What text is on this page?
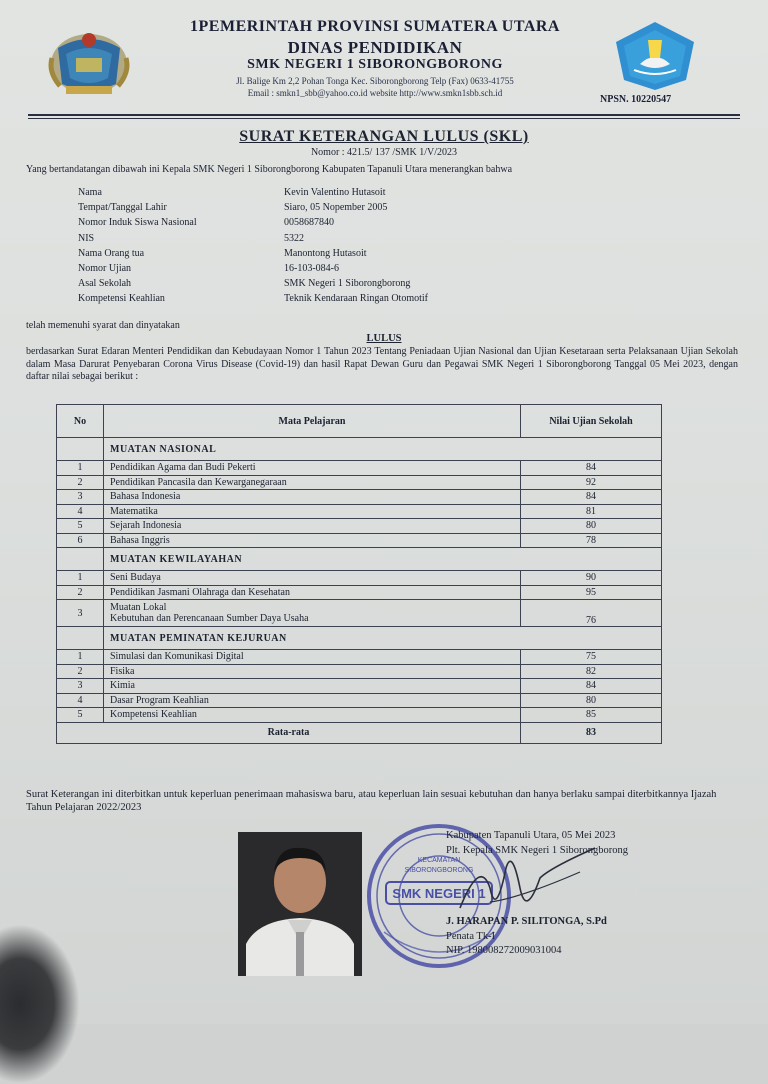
1PEMERINTAH PROVINSI SUMATERA UTARA
DINAS PENDIDIKAN
SMK NEGERI 1 SIBORONGBORONG
Jl. Balige Km 2,2 Pohan Tonga Kec. Siborongborong Telp (Fax) 0633-41755
Email : smkn1_sbb@yahoo.co.id website http://www.smkn1sbb.sch.id
NPSN. 10220547
SURAT KETERANGAN LULUS (SKL)
Nomor : 421.5/ 137 /SMK 1/V/2023
Yang bertandatangan dibawah ini Kepala SMK Negeri 1 Siborongborong Kabupaten Tapanuli Utara menerangkan bahwa
Nama	Kevin Valentino Hutasoit
Tempat/Tanggal Lahir	Siaro, 05 Nopember 2005
Nomor Induk Siswa Nasional	0058687840
NIS	5322
Nama Orang tua	Manontong Hutasoit
Nomor Ujian	16-103-084-6
Asal Sekolah	SMK Negeri 1 Siborongborong
Kompetensi Keahlian	Teknik Kendaraan Ringan Otomotif
telah memenuhi syarat dan dinyatakan
LULUS
berdasarkan Surat Edaran Menteri Pendidikan dan Kebudayaan Nomor 1 Tahun 2023 Tentang Peniadaan Ujian Nasional dan Ujian Kesetaraan serta Pelaksanaan Ujian Sekolah dalam Masa Darurat Penyebaran Corona Virus Disease (Covid-19) dan hasil Rapat Dewan Guru dan Pegawai SMK Negeri 1 Siborongborong Tanggal 05 Mei 2023, dengan daftar nilai sebagai berikut :
No	Mata Pelajaran	Nilai Ujian Sekolah
	MUATAN NASIONAL	
1	Pendidikan Agama dan Budi Pekerti	84
2	Pendidikan Pancasila dan Kewarganegaraan	92
3	Bahasa Indonesia	84
4	Matematika	81
5	Sejarah Indonesia	80
6	Bahasa Inggris	78
	MUATAN KEWILAYAHAN	
1	Seni Budaya	90
2	Pendidikan Jasmani Olahraga dan Kesehatan	95
3	Muatan Lokal
Kebutuhan dan Perencanaan Sumber Daya Usaha	76
	MUATAN PEMINATAN KEJURUAN	
1	Simulasi dan Komunikasi Digital	75
2	Fisika	82
3	Kimia	84
4	Dasar Program Keahlian	80
5	Kompetensi Keahlian	85
Rata-rata		83
Surat Keterangan ini diterbitkan untuk keperluan penerimaan mahasiswa baru, atau keperluan lain sesuai kebutuhan dan hanya berlaku sampai diterbitkannya Ijazah Tahun Pelajaran 2022/2023
KECAMATAN
SIBORONGBORONG
SMK NEGERI 1
Kabupaten Tapanuli Utara, 05 Mei 2023
Plt. Kepala SMK Negeri 1 Siborongborong
J. HARAPAN P. SILITONGA, S.Pd
Penata Tk-I
NIP. 198008272009031004
